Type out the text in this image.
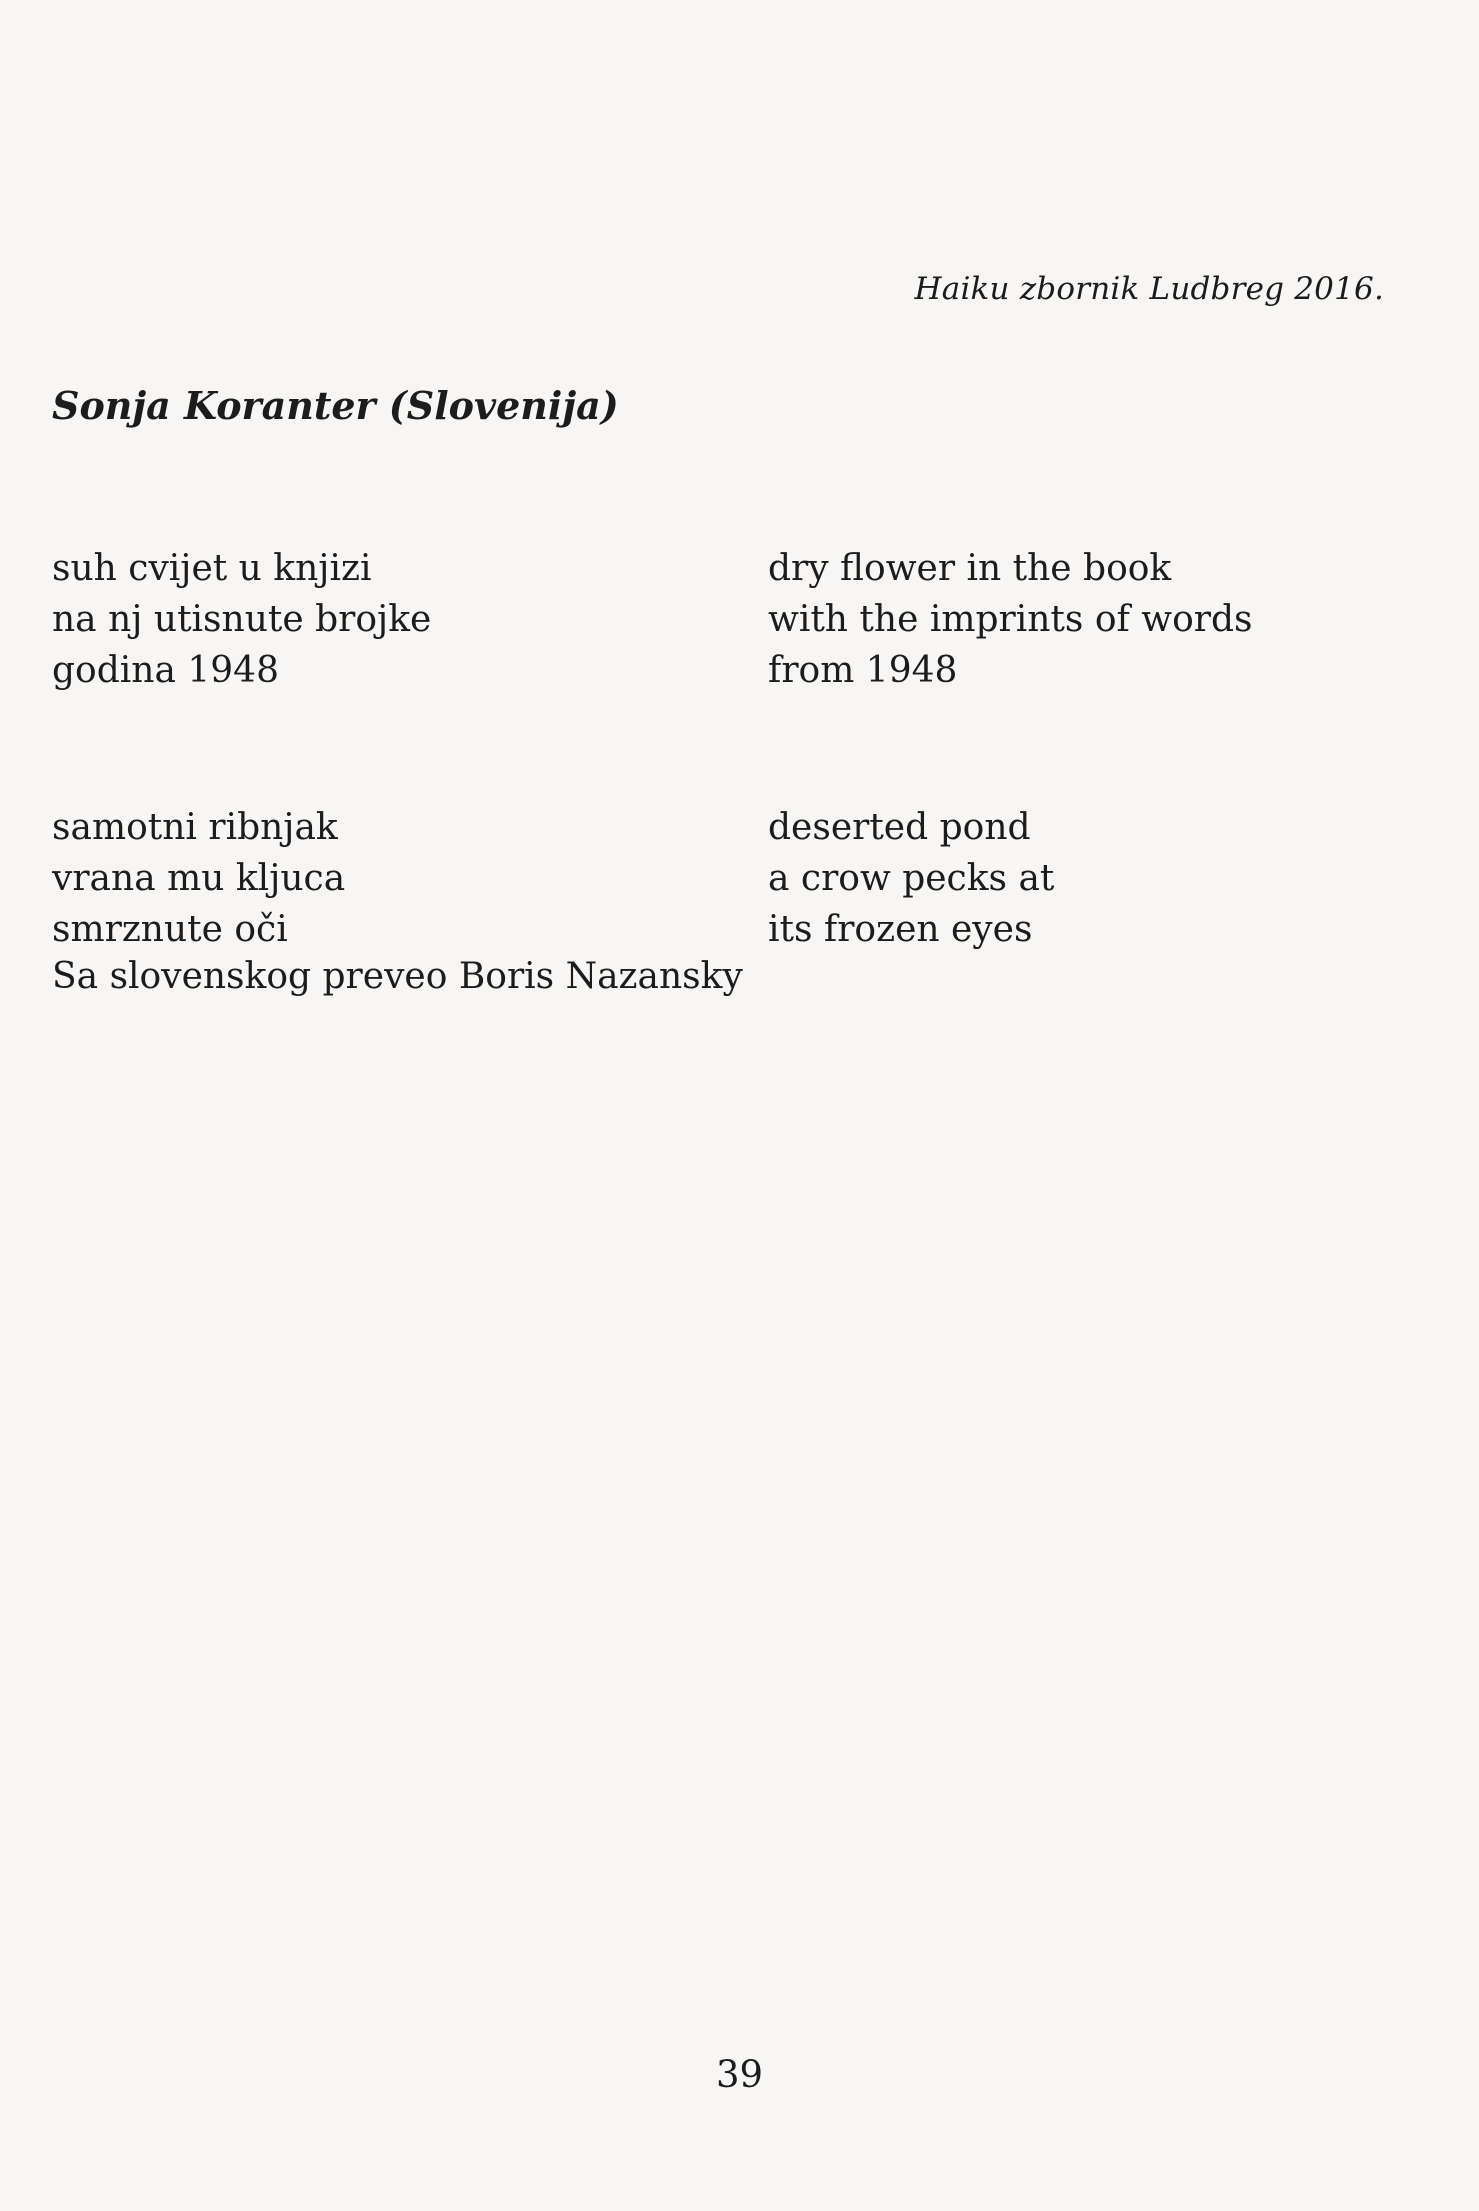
Haiku zbornik Ludbreg 2016.
Sonja Koranter (Slovenija)
suh cvijet u knjizi
na nj utisnute brojke
godina 1948
samotni ribnjak
vrana mu kljuca
smrznute oči
dry flower in the book
with the imprints of words
from 1948
deserted pond
a crow pecks at
its frozen eyes
Sa slovenskog preveo Boris Nazansky
39
